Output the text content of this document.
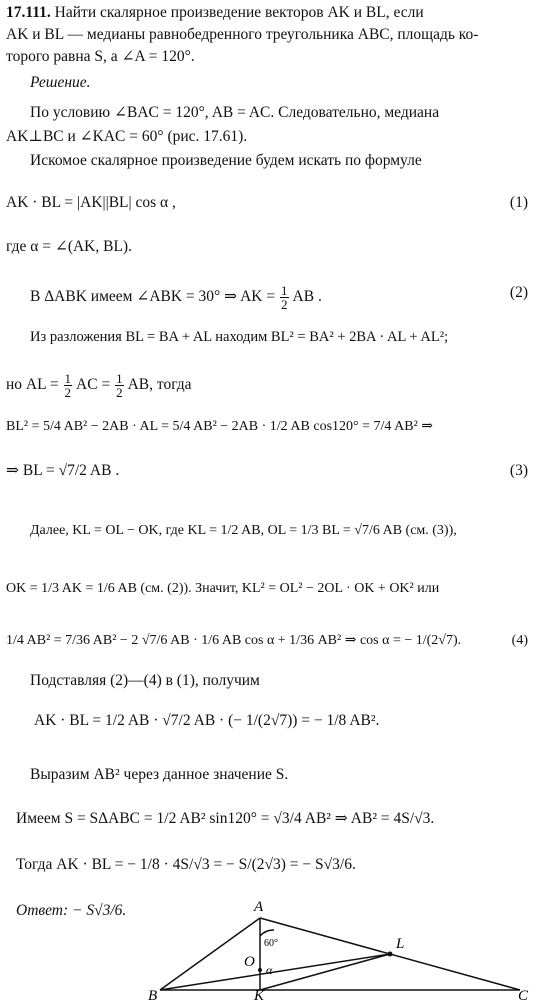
17.111. Найти скалярное произведение векторов AK и BL, если
AK и BL — медианы равнобедренного треугольника ABC, площадь ко-
торого равна S, а ∠A = 120°.
Решение.
По условию ∠BAC = 120°, AB = AC. Следовательно, медиана
AK⊥BC и ∠KAC = 60° (рис. 17.61).
Искомое скалярное произведение будем искать по формуле
AK · BL = |AK||BL| cos α ,	(1)
где α = ∠(AK, BL).
В ΔABK имеем ∠ABK = 30° ⇒ AK = $\frac{1}{2}$ AB .	(2)
Из разложения BL = BA + AL находим BL² = BA² + 2BA · AL + AL²;
но AL = $\frac{1}{2}$ AC = $\frac{1}{2}$ AB, тогда
BL² = 5/4 AB² − 2AB · AL = 5/4 AB² − 2AB · 1/2 AB cos120° = 7/4 AB² ⇒
⇒ BL = √7/2 AB .	(3)
Далее, KL = OL − OK, где KL = 1/2 AB, OL = 1/3 BL = √7/6 AB (см. (3)),
OK = 1/3 AK = 1/6 AB (см. (2)). Значит, KL² = OL² − 2OL · OK + OK² или
1/4 AB² = 7/36 AB² − 2 √7/6 AB · 1/6 AB cos α + 1/36 AB² ⇒ cos α = − 1/(2√7).	(4)
Подставляя (2)—(4) в (1), получим
AK · BL = 1/2 AB · √7/2 AB · (− 1/(2√7)) = − 1/8 AB².
Выразим AB² через данное значение S.
Имеем S = SΔABC = 1/2 AB² sin120° = √3/4 AB² ⇒ AB² = 4S/√3.
Тогда AK · BL = − 1/8 · 4S/√3 = − S/(2√3) = − S√3/6.
Ответ: − S√3/6.	A
B	C
K
L
O
60°
α
